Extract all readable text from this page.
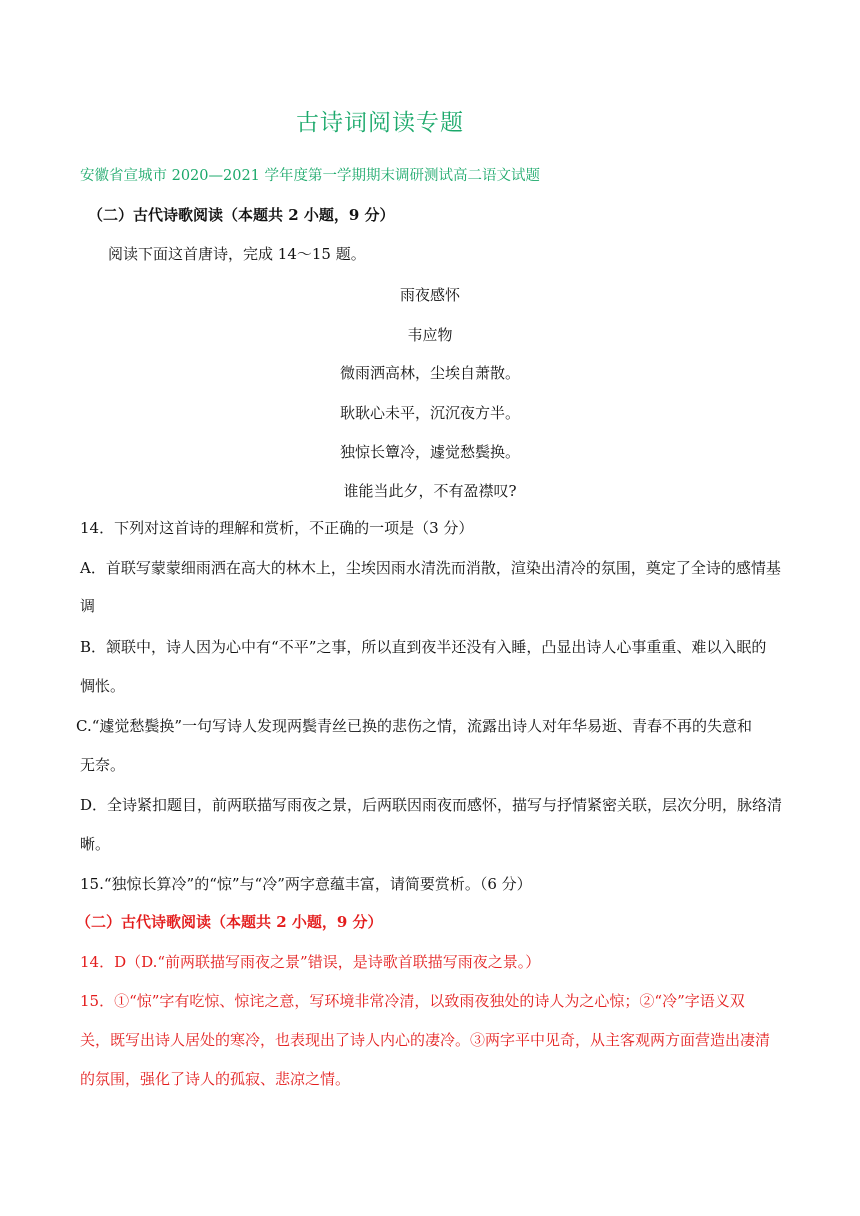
古诗词阅读专题
安徽省宣城市 2020—2021 学年度第一学期期末调研测试高二语文试题
（二）古代诗歌阅读（本题共 2 小题，9 分）
阅读下面这首唐诗，完成 14～15 题。
雨夜感怀
韦应物
微雨洒高林，尘埃自萧散。
耿耿心未平，沉沉夜方半。
独惊长簟冷，遽觉愁鬓换。
谁能当此夕，不有盈襟叹?
14．下列对这首诗的理解和赏析，不正确的一项是（3 分）
A．首联写蒙蒙细雨洒在高大的林木上，尘埃因雨水清洗而消散，渲染出清冷的氛围，奠定了全诗的感情基
调
B．颔联中，诗人因为心中有“不平”之事，所以直到夜半还没有入睡，凸显出诗人心事重重、难以入眠的
惆怅。
C.“遽觉愁鬓换”一句写诗人发现两鬓青丝已换的悲伤之情，流露出诗人对年华易逝、青春不再的失意和
无奈。
D．全诗紧扣题目，前两联描写雨夜之景，后两联因雨夜而感怀，描写与抒情紧密关联，层次分明，脉络清
晰。
15.“独惊长算冷”的“惊”与“冷”两字意蕴丰富，请简要赏析。（6 分）
（二）古代诗歌阅读（本题共 2 小题，9 分）
14．D（D.“前两联描写雨夜之景”错误，是诗歌首联描写雨夜之景。）
15．①“惊”字有吃惊、惊诧之意，写环境非常冷清，以致雨夜独处的诗人为之心惊；②“冷”字语义双
关，既写出诗人居处的寒冷，也表现出了诗人内心的凄冷。③两字平中见奇，从主客观两方面营造出凄清
的氛围，强化了诗人的孤寂、悲凉之情。
